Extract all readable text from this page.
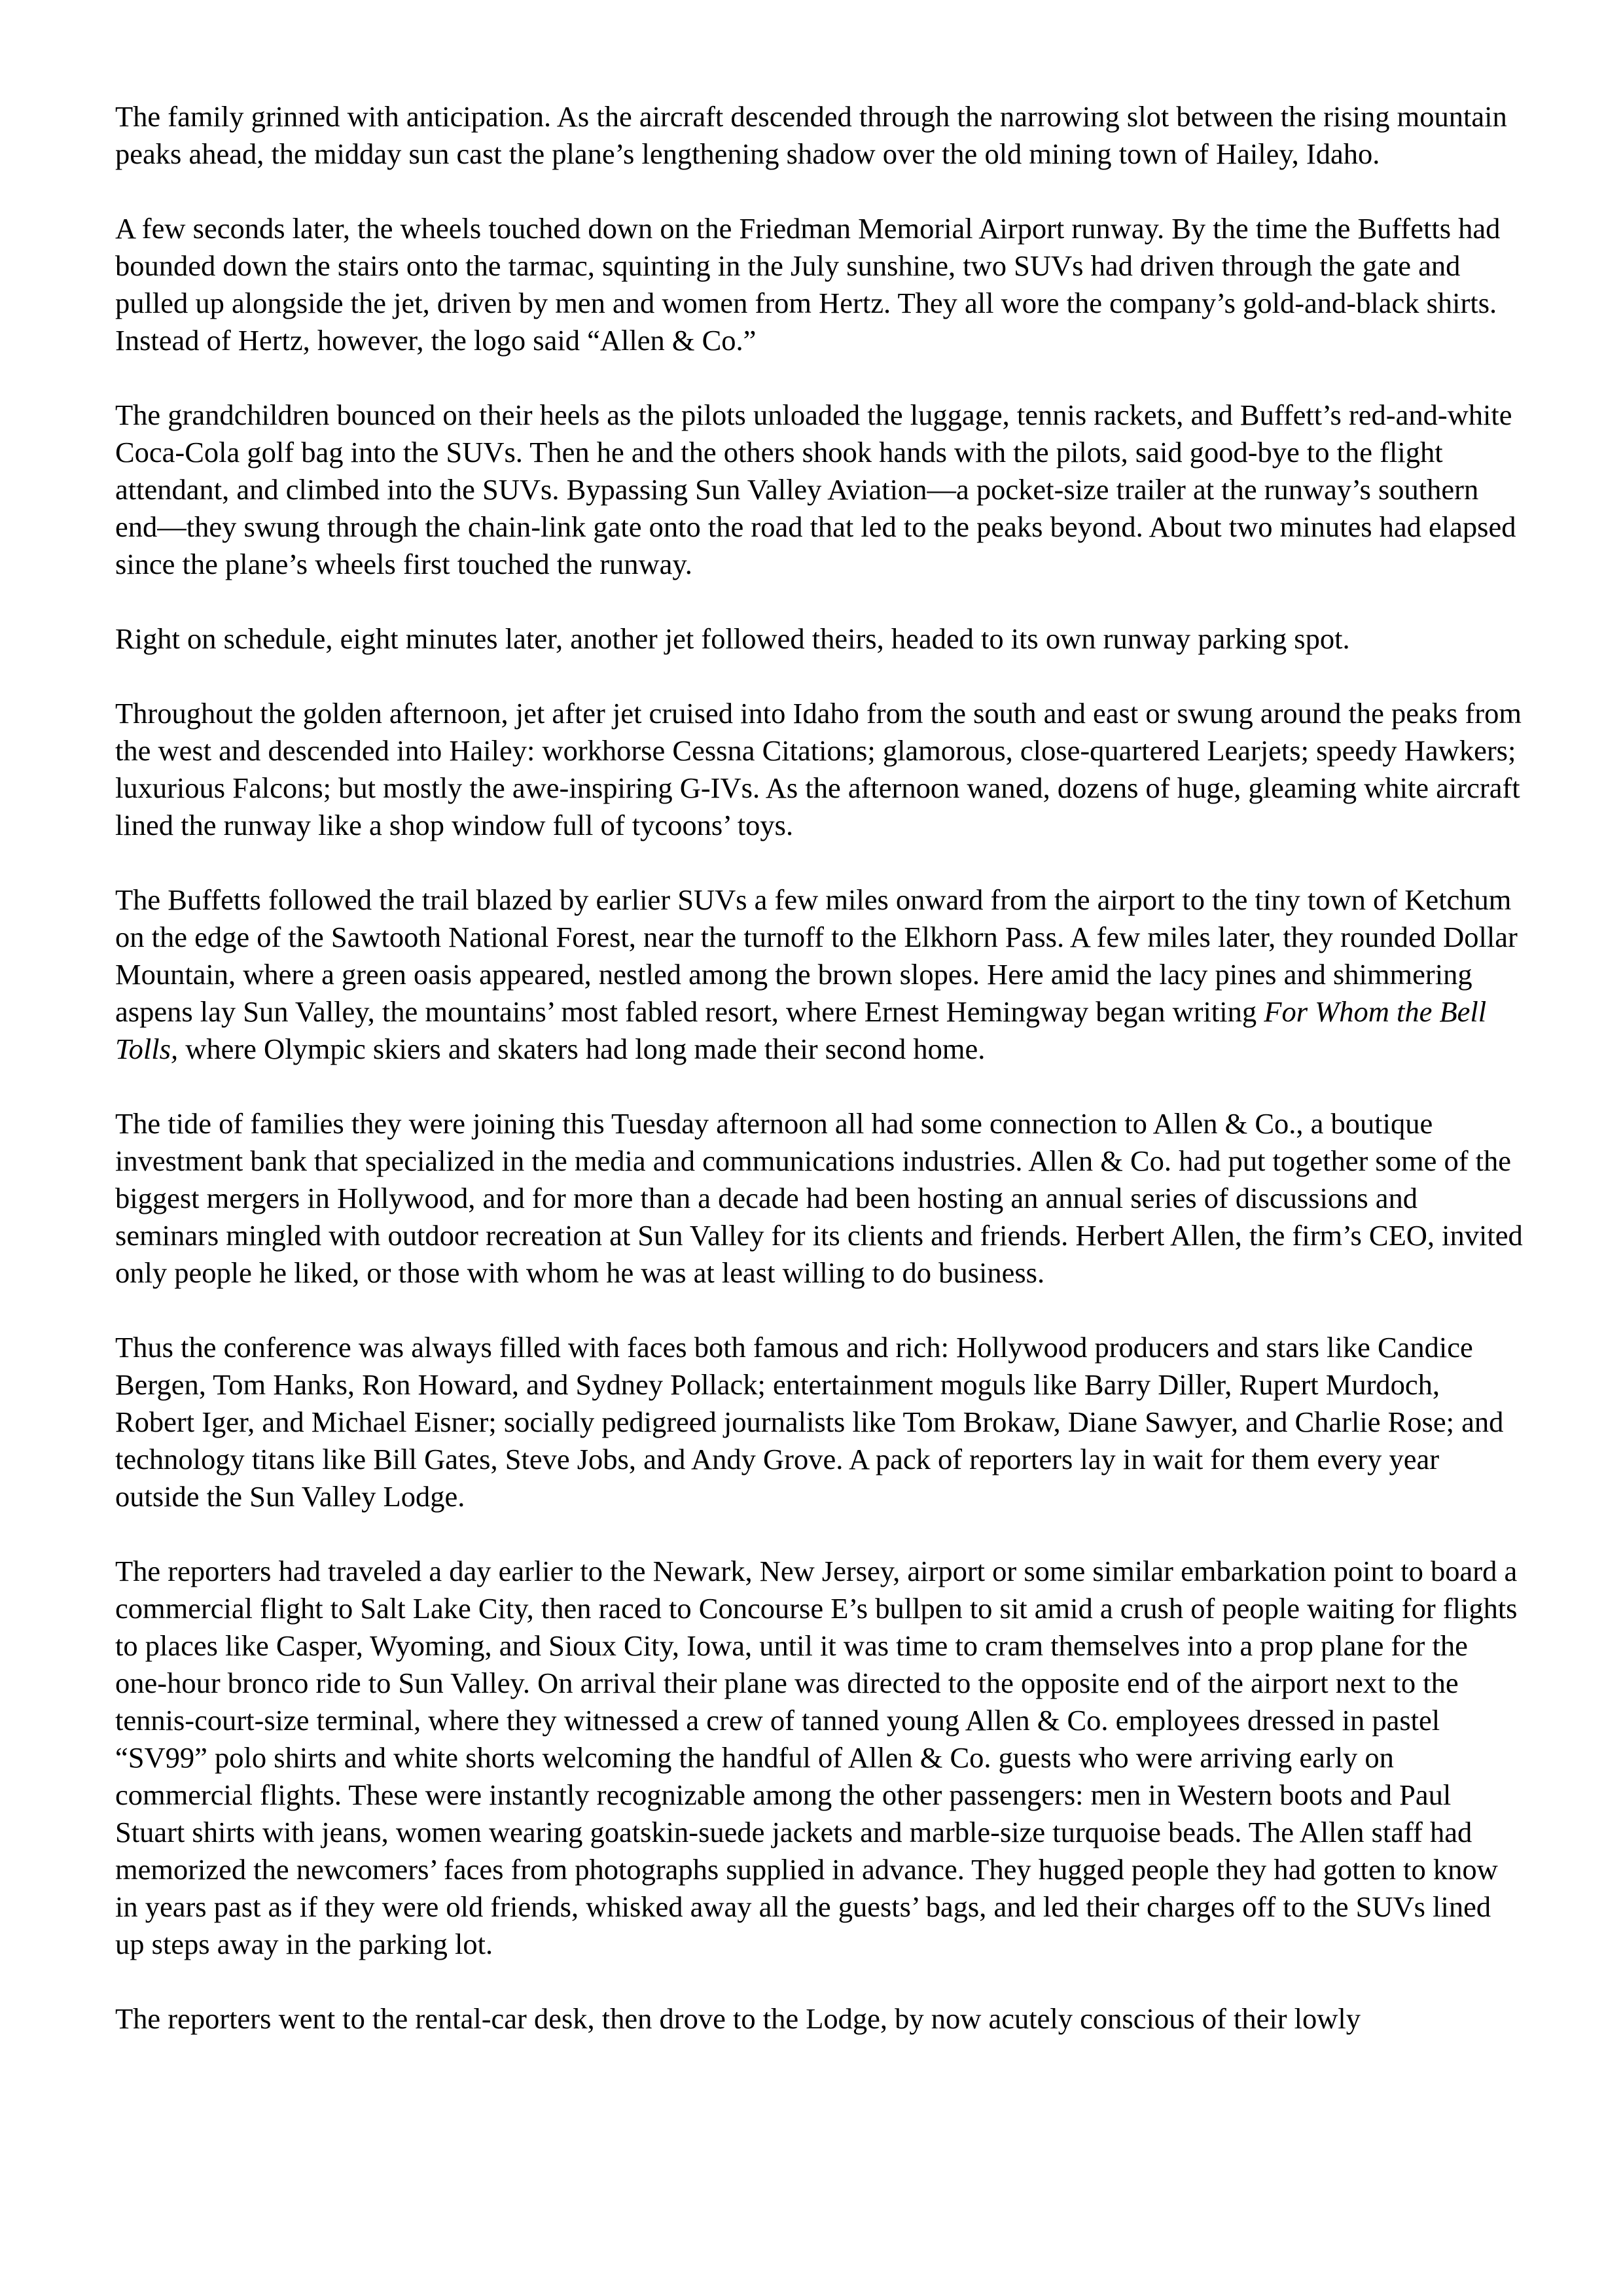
The family grinned with anticipation. As the aircraft descended through the narrowing slot between the rising mountain peaks ahead, the midday sun cast the plane’s lengthening shadow over the old mining town of Hailey, Idaho.

A few seconds later, the wheels touched down on the Friedman Memorial Airport runway. By the time the Buffetts had bounded down the stairs onto the tarmac, squinting in the July sunshine, two SUVs had driven through the gate and pulled up alongside the jet, driven by men and women from Hertz. They all wore the company’s gold-and-black shirts. Instead of Hertz, however, the logo said “Allen & Co.”

The grandchildren bounced on their heels as the pilots unloaded the luggage, tennis rackets, and Buffett’s red-and-white Coca-Cola golf bag into the SUVs. Then he and the others shook hands with the pilots, said good-bye to the flight attendant, and climbed into the SUVs. Bypassing Sun Valley Aviation—a pocket-size trailer at the runway’s southern end—they swung through the chain-link gate onto the road that led to the peaks beyond. About two minutes had elapsed since the plane’s wheels first touched the runway.

Right on schedule, eight minutes later, another jet followed theirs, headed to its own runway parking spot.

Throughout the golden afternoon, jet after jet cruised into Idaho from the south and east or swung around the peaks from the west and descended into Hailey: workhorse Cessna Citations; glamorous, close-quartered Learjets; speedy Hawkers; luxurious Falcons; but mostly the awe-inspiring G-IVs. As the afternoon waned, dozens of huge, gleaming white aircraft lined the runway like a shop window full of tycoons’ toys.

The Buffetts followed the trail blazed by earlier SUVs a few miles onward from the airport to the tiny town of Ketchum on the edge of the Sawtooth National Forest, near the turnoff to the Elkhorn Pass. A few miles later, they rounded Dollar Mountain, where a green oasis appeared, nestled among the brown slopes. Here amid the lacy pines and shimmering aspens lay Sun Valley, the mountains’ most fabled resort, where Ernest Hemingway began writing For Whom the Bell Tolls, where Olympic skiers and skaters had long made their second home.

The tide of families they were joining this Tuesday afternoon all had some connection to Allen & Co., a boutique investment bank that specialized in the media and communications industries. Allen & Co. had put together some of the biggest mergers in Hollywood, and for more than a decade had been hosting an annual series of discussions and seminars mingled with outdoor recreation at Sun Valley for its clients and friends. Herbert Allen, the firm’s CEO, invited only people he liked, or those with whom he was at least willing to do business.

Thus the conference was always filled with faces both famous and rich: Hollywood producers and stars like Candice Bergen, Tom Hanks, Ron Howard, and Sydney Pollack; entertainment moguls like Barry Diller, Rupert Murdoch, Robert Iger, and Michael Eisner; socially pedigreed journalists like Tom Brokaw, Diane Sawyer, and Charlie Rose; and technology titans like Bill Gates, Steve Jobs, and Andy Grove. A pack of reporters lay in wait for them every year outside the Sun Valley Lodge.

The reporters had traveled a day earlier to the Newark, New Jersey, airport or some similar embarkation point to board a commercial flight to Salt Lake City, then raced to Concourse E’s bullpen to sit amid a crush of people waiting for flights to places like Casper, Wyoming, and Sioux City, Iowa, until it was time to cram themselves into a prop plane for the one-hour bronco ride to Sun Valley. On arrival their plane was directed to the opposite end of the airport next to the tennis-court-size terminal, where they witnessed a crew of tanned young Allen & Co. employees dressed in pastel “SV99” polo shirts and white shorts welcoming the handful of Allen & Co. guests who were arriving early on commercial flights. These were instantly recognizable among the other passengers: men in Western boots and Paul Stuart shirts with jeans, women wearing goatskin-suede jackets and marble-size turquoise beads. The Allen staff had memorized the newcomers’ faces from photographs supplied in advance. They hugged people they had gotten to know in years past as if they were old friends, whisked away all the guests’ bags, and led their charges off to the SUVs lined up steps away in the parking lot.

The reporters went to the rental-car desk, then drove to the Lodge, by now acutely conscious of their lowly
